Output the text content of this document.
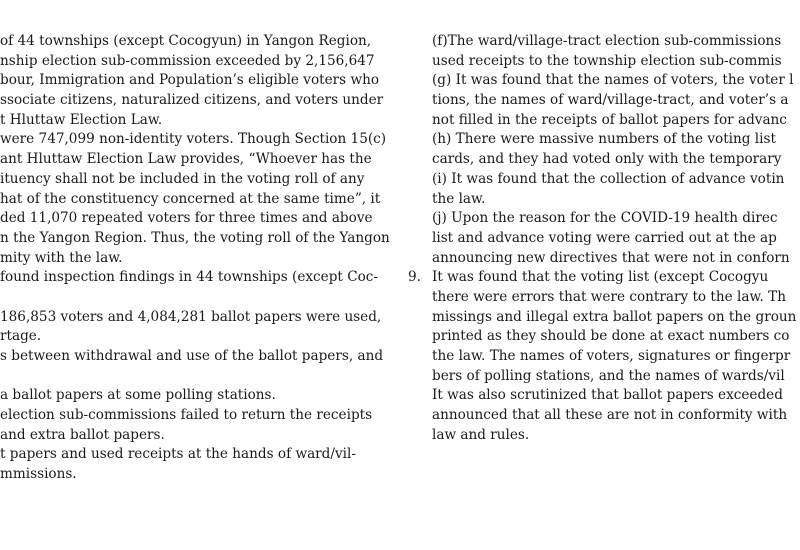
of 44 townships (except Cocogyun) in Yangon Region,
nship election sub-commission exceeded by 2,156,647
bour, Immigration and Population’s eligible voters who
ssociate citizens, naturalized citizens, and voters under
t Hluttaw Election Law.
were 747,099 non-identity voters. Though Section 15(c)
ant Hluttaw Election Law provides, “Whoever has the
ituency shall not be included in the voting roll of any
hat of the constituency concerned at the same time”, it
ded 11,070 repeated voters for three times and above
n the Yangon Region. Thus, the voting roll of the Yangon
mity with the law.
found inspection findings in 44 townships (except Coc-
186,853 voters and 4,084,281 ballot papers were used,
rtage.
s between withdrawal and use of the ballot papers, and
a ballot papers at some polling stations.
election sub-commissions failed to return the receipts
and extra ballot papers.
t papers and used receipts at the hands of ward/vil-
mmissions.
(f)The ward/village-tract election sub-commissions
used receipts to the township election sub-commis
(g) It was found that the names of voters, the voter l
tions, the names of ward/village-tract, and voter’s a
not filled in the receipts of ballot papers for advanc
(h) There were massive numbers of the voting list
cards, and they had voted only with the temporary
(i) It was found that the collection of advance votin
the law.
(j) Upon the reason for the COVID-19 health direc
list and advance voting were carried out at the ap
announcing new directives that were not in conforn
9. It was found that the voting list (except Cocogyu
there were errors that were contrary to the law. Th
missings and illegal extra ballot papers on the groun
printed as they should be done at exact numbers co
the law. The names of voters, signatures or fingerpr
bers of polling stations, and the names of wards/vil
It was also scrutinized that ballot papers exceeded
announced that all these are not in conformity with
law and rules.
